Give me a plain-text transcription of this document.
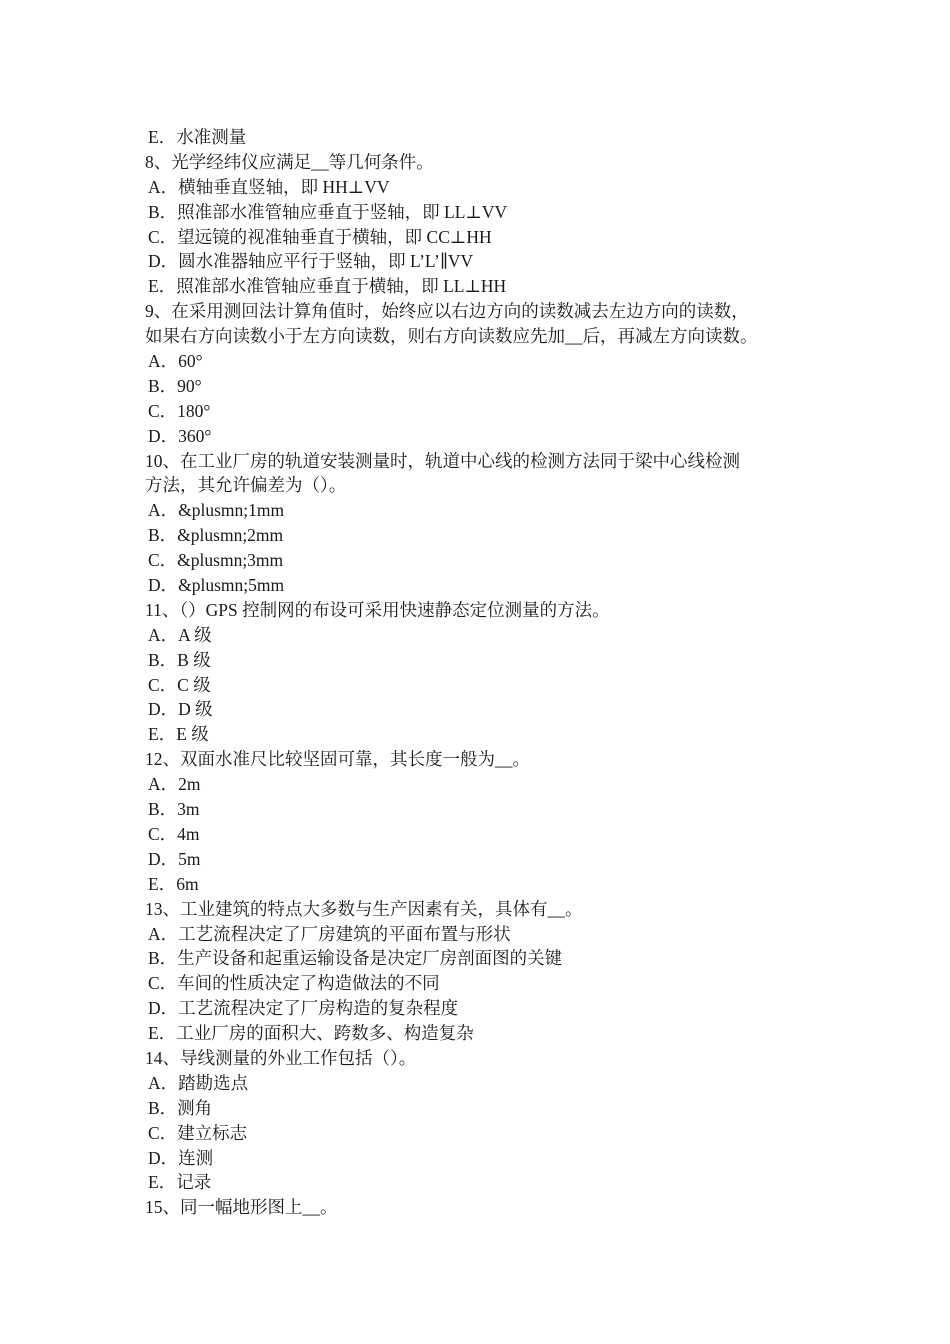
E．水准测量
8、光学经纬仪应满足__等几何条件。
A．横轴垂直竖轴，即 HH⊥VV
B．照准部水准管轴应垂直于竖轴，即 LL⊥VV
C．望远镜的视准轴垂直于横轴，即 CC⊥HH
D．圆水准器轴应平行于竖轴，即 L’L’∥VV
E．照准部水准管轴应垂直于横轴，即 LL⊥HH
9、在采用测回法计算角值时，始终应以右边方向的读数减去左边方向的读数，
如果右方向读数小于左方向读数，则右方向读数应先加__后，再减左方向读数。
A．60°
B．90°
C．180°
D．360°
10、在工业厂房的轨道安装测量时，轨道中心线的检测方法同于梁中心线检测
方法，其允许偏差为（）。
A．&plusmn;1mm
B．&plusmn;2mm
C．&plusmn;3mm
D．&plusmn;5mm
11、（）GPS 控制网的布设可采用快速静态定位测量的方法。
A．A 级
B．B 级
C．C 级
D．D 级
E．E 级
12、双面水准尺比较坚固可靠，其长度一般为__。
A．2m
B．3m
C．4m
D．5m
E．6m
13、工业建筑的特点大多数与生产因素有关，具体有__。
A．工艺流程决定了厂房建筑的平面布置与形状
B．生产设备和起重运输设备是决定厂房剖面图的关键
C．车间的性质决定了构造做法的不同
D．工艺流程决定了厂房构造的复杂程度
E．工业厂房的面积大、跨数多、构造复杂
14、导线测量的外业工作包括（）。
A．踏勘选点
B．测角
C．建立标志
D．连测
E．记录
15、同一幅地形图上__。
